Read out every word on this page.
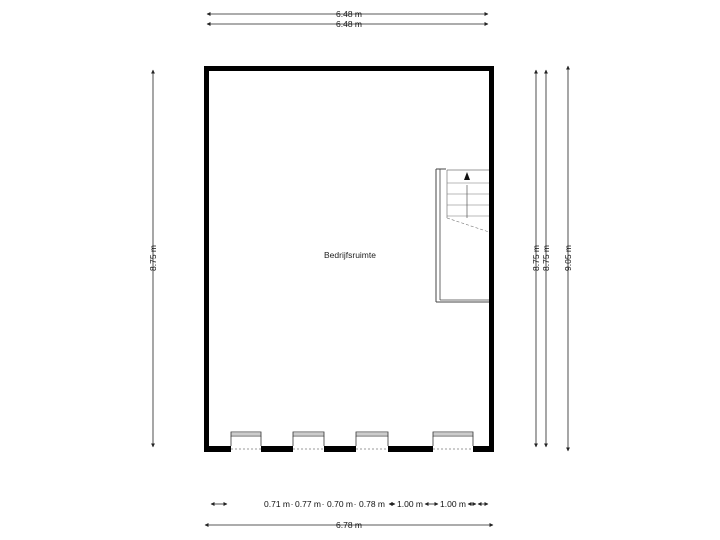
6.48 m
6.48 m
8.75 m	8.75 m 8.75 m 9.05 m
Bedrijfsruimte
0.71 m · 0.77 m · 0.70 m · 0.78 m 1.00 m 1.00 m
6.78 m
